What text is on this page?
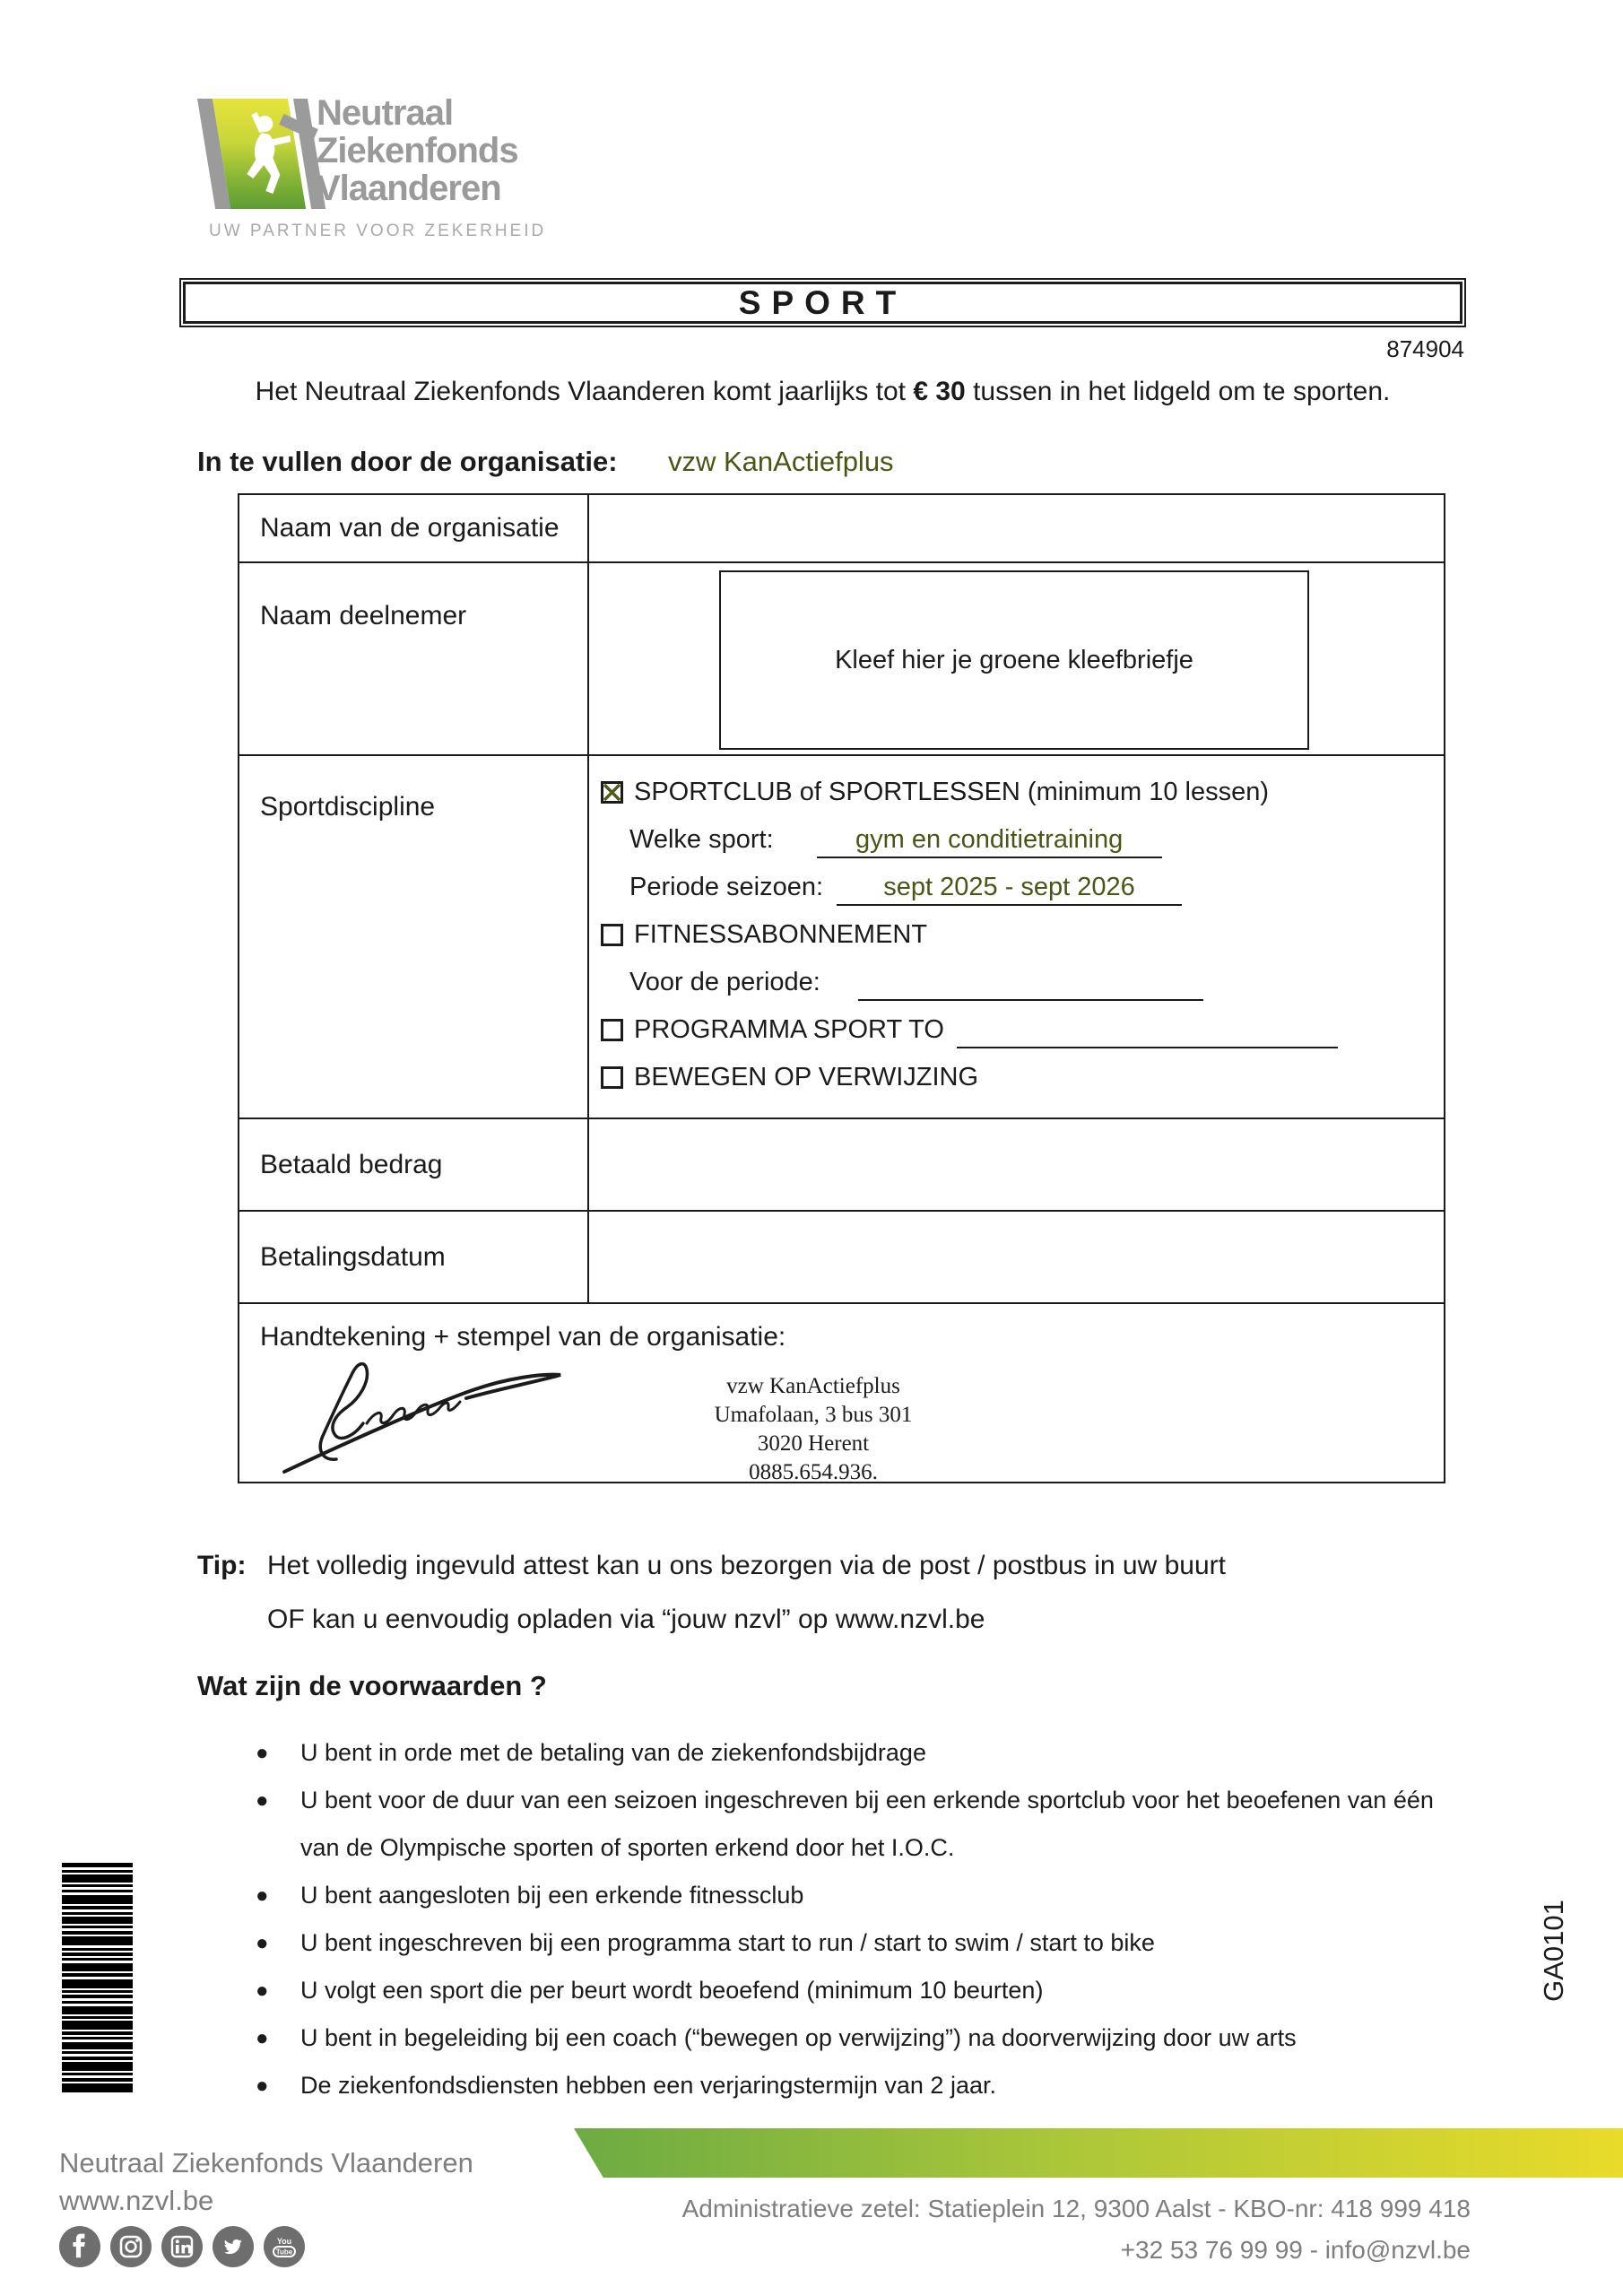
Neutraal
Ziekenfonds
Vlaanderen
UW PARTNER VOOR ZEKERHEID
SPORT
874904
Het Neutraal Ziekenfonds Vlaanderen komt jaarlijks tot € 30 tussen in het lidgeld om te sporten.
In te vullen door de organisatie: vzw KanActiefplus
Naam van de organisatie
Naam deelnemer
Kleef hier je groene kleefbriefje
Sportdiscipline	SPORTCLUB of SPORTLESSEN (minimum 10 lessen)
Welke sport:	gym en conditietraining
Periode seizoen: sept 2025 - sept 2026
FITNESSABONNEMENT
Voor de periode:
PROGRAMMA SPORT TO
BEWEGEN OP VERWIJZING
Betaald bedrag
Betalingsdatum
Handtekening + stempel van de organisatie:
vzw KanActiefplus
Umafolaan, 3 bus 301
3020 Herent
0885.654.936.
Tip: Het volledig ingevuld attest kan u ons bezorgen via de post / postbus in uw buurt
OF kan u eenvoudig opladen via “jouw nzvl” op www.nzvl.be
Wat zijn de voorwaarden ?
●	U bent in orde met de betaling van de ziekenfondsbijdrage
●	U bent voor de duur van een seizoen ingeschreven bij een erkende sportclub voor het beoefenen van één van de Olympische sporten of sporten erkend door het I.O.C.
●	U bent aangesloten bij een erkende fitnessclub
●	U bent ingeschreven bij een programma start to run / start to swim / start to bike
●	U volgt een sport die per beurt wordt beoefend (minimum 10 beurten)
●	U bent in begeleiding bij een coach (“bewegen op verwijzing”) na doorverwijzing door uw arts
●	De ziekenfondsdiensten hebben een verjaringstermijn van 2 jaar.
GA0101
Neutraal Ziekenfonds Vlaanderen
www.nzvl.be
You
Tube
Administratieve zetel: Statieplein 12, 9300 Aalst - KBO-nr: 418 999 418
+32 53 76 99 99 - info@nzvl.be
